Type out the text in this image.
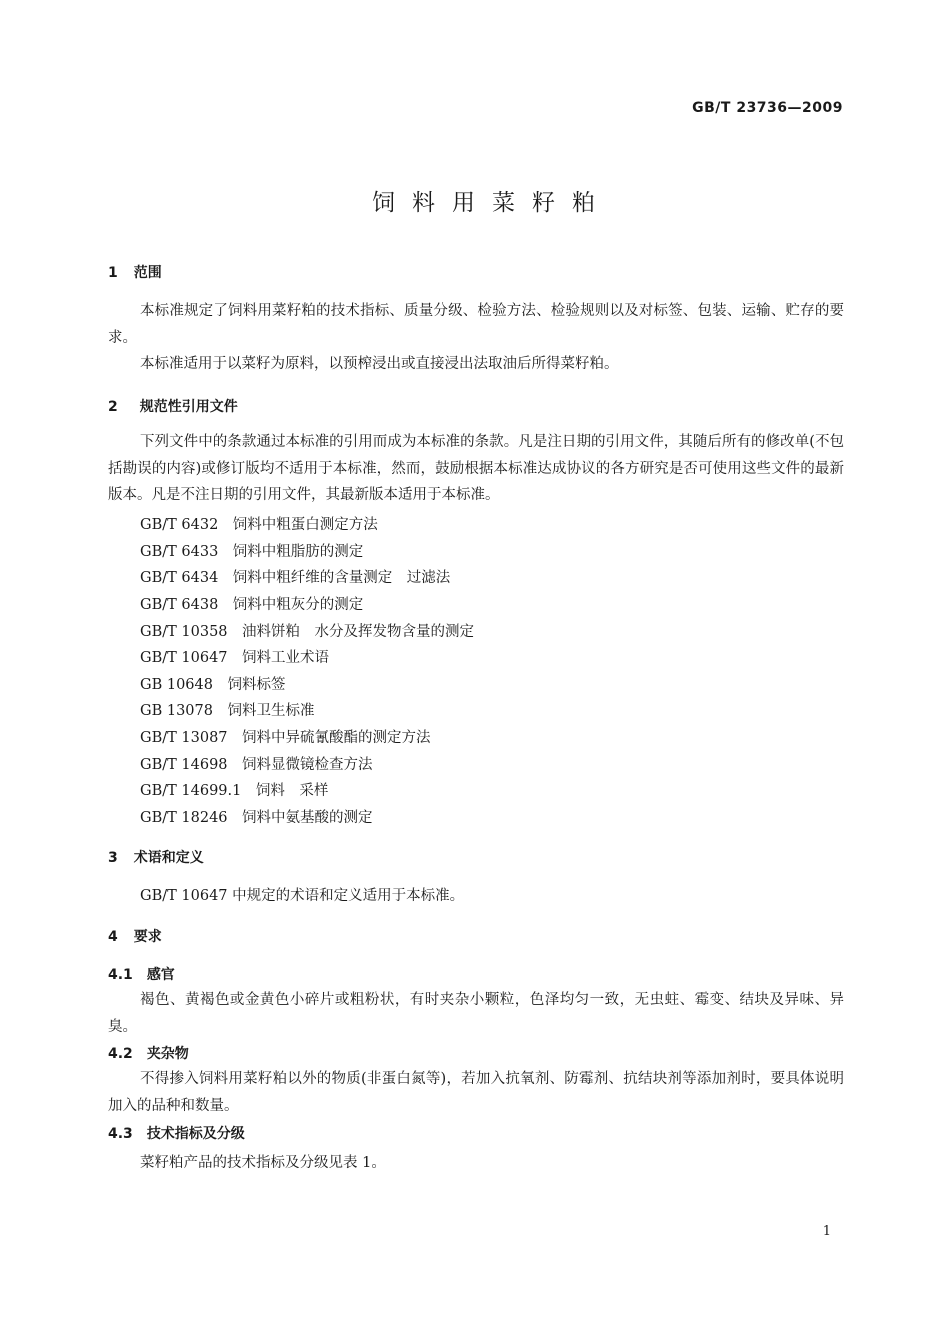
GB/T 23736—2009
饲料用菜籽粕
1 范围
本标准规定了饲料用菜籽粕的技术指标、质量分级、检验方法、检验规则以及对标签、包装、运输、贮存的要求。
本标准适用于以菜籽为原料，以预榨浸出或直接浸出法取油后所得菜籽粕。
2 规范性引用文件
下列文件中的条款通过本标准的引用而成为本标准的条款。凡是注日期的引用文件，其随后所有的修改单(不包括勘误的内容)或修订版均不适用于本标准，然而，鼓励根据本标准达成协议的各方研究是否可使用这些文件的最新版本。凡是不注日期的引用文件，其最新版本适用于本标准。
GB/T 6432　饲料中粗蛋白测定方法
GB/T 6433　饲料中粗脂肪的测定
GB/T 6434　饲料中粗纤维的含量测定　过滤法
GB/T 6438　饲料中粗灰分的测定
GB/T 10358　油料饼粕　水分及挥发物含量的测定
GB/T 10647　饲料工业术语
GB 10648　饲料标签
GB 13078　饲料卫生标准
GB/T 13087　饲料中异硫氰酸酯的测定方法
GB/T 14698　饲料显微镜检查方法
GB/T 14699.1　饲料　采样
GB/T 18246　饲料中氨基酸的测定
3 术语和定义
GB/T 10647 中规定的术语和定义适用于本标准。
4 要求
4.1 感官
褐色、黄褐色或金黄色小碎片或粗粉状，有时夹杂小颗粒，色泽均匀一致，无虫蛀、霉变、结块及异味、异臭。
4.2 夹杂物
不得掺入饲料用菜籽粕以外的物质(非蛋白氮等)，若加入抗氧剂、防霉剂、抗结块剂等添加剂时，要具体说明加入的品种和数量。
4.3 技术指标及分级
菜籽粕产品的技术指标及分级见表 1。
1
